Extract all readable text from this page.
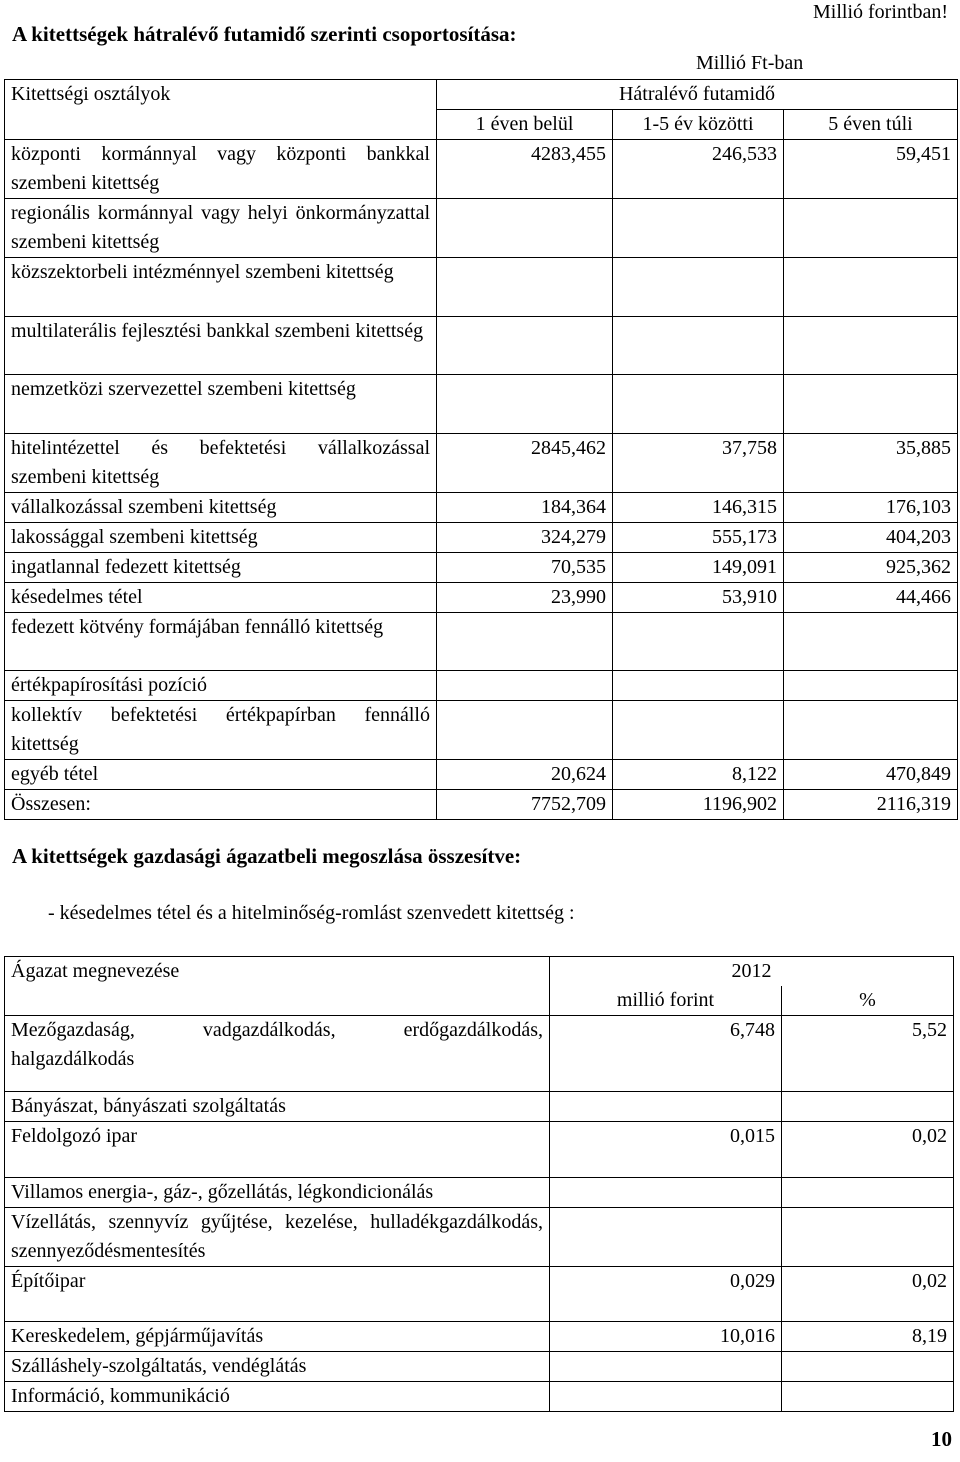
Millió forintban!
A kitettségek hátralévő futamidő szerinti csoportosítása:
Millió Ft-ban
Kitettségi osztályok	Hátralévő futamidő		
	1 éven belül	1-5 év közötti	5 éven túli
központi kormánnyal vagy központi bankkal szembeni kitettség	4283,455	246,533	59,451
regionális kormánnyal vagy helyi önkormányzattal szembeni kitettség			
közszektorbeli intézménnyel szembeni kitettség			
multilaterális fejlesztési bankkal szembeni kitettség			
nemzetközi szervezettel szembeni kitettség			
hitelintézettel és befektetési vállalkozással szembeni kitettség	2845,462	37,758	35,885
vállalkozással szembeni kitettség	184,364	146,315	176,103
lakossággal szembeni kitettség	324,279	555,173	404,203
ingatlannal fedezett kitettség	70,535	149,091	925,362
késedelmes tétel	23,990	53,910	44,466
fedezett kötvény formájában fennálló kitettség			
értékpapírosítási pozíció			
kollektív befektetési értékpapírban fennálló kitettség			
egyéb tétel	20,624	8,122	470,849
Összesen:	7752,709	1196,902	2116,319
A kitettségek gazdasági ágazatbeli megoszlása összesítve:
- késedelmes tétel és a hitelminőség-romlást szenvedett kitettség :
Ágazat megnevezése	2012	
	millió forint	%
Mezőgazdaság, vadgazdálkodás, erdőgazdálkodás, halgazdálkodás	6,748	5,52
Bányászat, bányászati szolgáltatás		
Feldolgozó ipar	0,015	0,02
Villamos energia-, gáz-, gőzellátás, légkondicionálás		
Vízellátás, szennyvíz gyűjtése, kezelése, hulladékgazdálkodás, szennyeződésmentesítés		
Építőipar	0,029	0,02
Kereskedelem, gépjárműjavítás	10,016	8,19
Szálláshely-szolgáltatás, vendéglátás		
Információ, kommunikáció		
10
